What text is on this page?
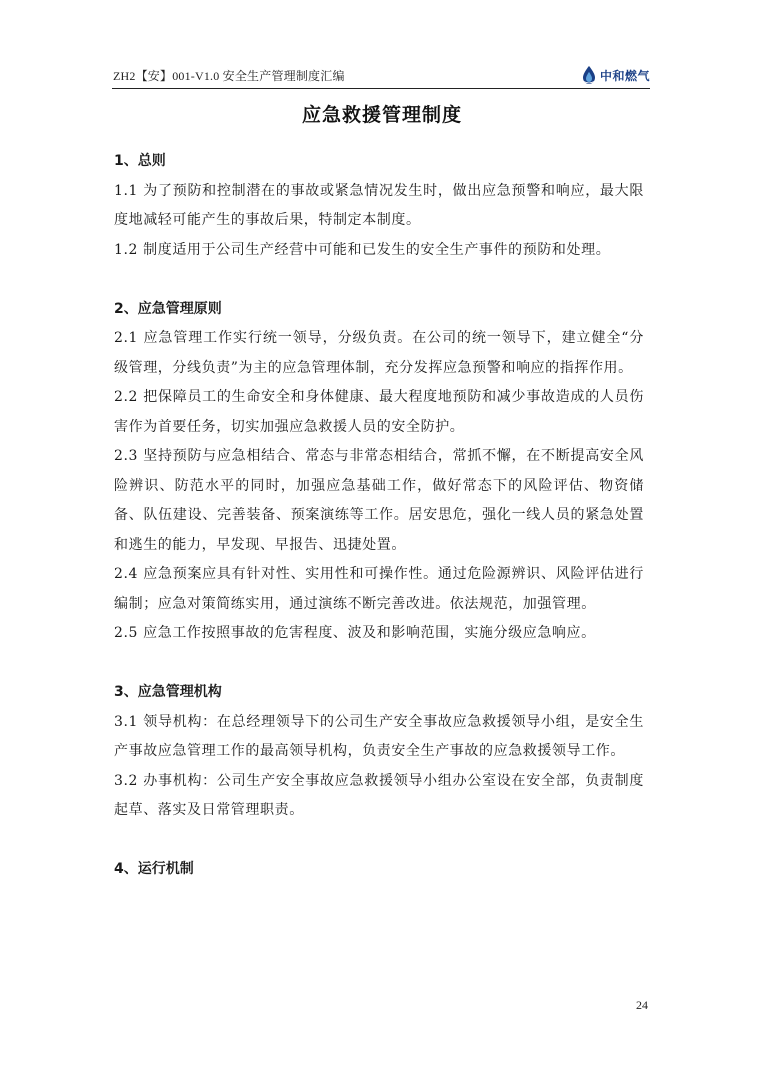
ZH2【安】001-V1.0 安全生产管理制度汇编	中和燃气
应急救援管理制度

1、总则

1.1 为了预防和控制潜在的事故或紧急情况发生时，做出应急预警和响应，最大限度地减轻可能产生的事故后果，特制定本制度。

1.2 制度适用于公司生产经营中可能和已发生的安全生产事件的预防和处理。

2、应急管理原则

2.1 应急管理工作实行统一领导，分级负责。在公司的统一领导下，建立健全“分级管理，分线负责”为主的应急管理体制，充分发挥应急预警和响应的指挥作用。

2.2 把保障员工的生命安全和身体健康、最大程度地预防和减少事故造成的人员伤害作为首要任务，切实加强应急救援人员的安全防护。

2.3 坚持预防与应急相结合、常态与非常态相结合，常抓不懈，在不断提高安全风险辨识、防范水平的同时，加强应急基础工作，做好常态下的风险评估、物资储备、队伍建设、完善装备、预案演练等工作。居安思危，强化一线人员的紧急处置和逃生的能力，早发现、早报告、迅捷处置。

2.4 应急预案应具有针对性、实用性和可操作性。通过危险源辨识、风险评估进行编制；应急对策简练实用，通过演练不断完善改进。依法规范，加强管理。

2.5 应急工作按照事故的危害程度、波及和影响范围，实施分级应急响应。

3、应急管理机构

3.1 领导机构：在总经理领导下的公司生产安全事故应急救援领导小组，是安全生产事故应急管理工作的最高领导机构，负责安全生产事故的应急救援领导工作。

3.2 办事机构：公司生产安全事故应急救援领导小组办公室设在安全部，负责制度起草、落实及日常管理职责。

4、运行机制

24
